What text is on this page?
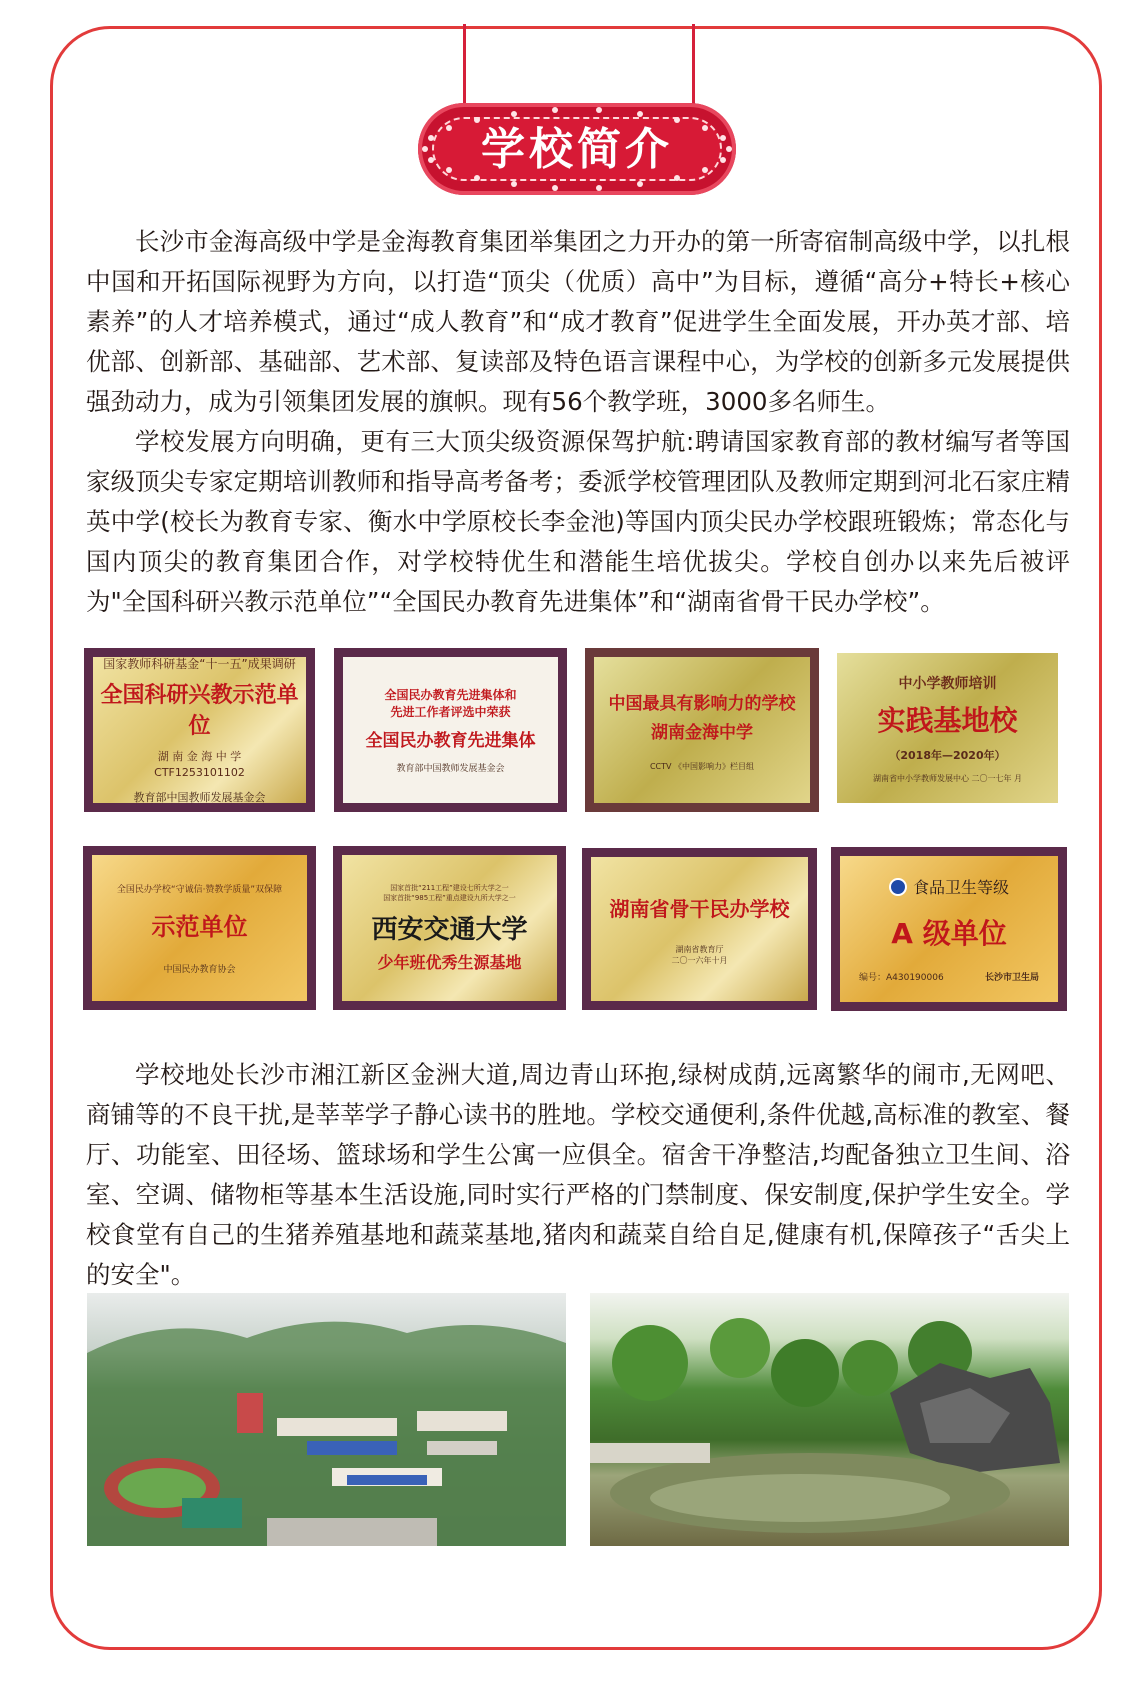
学校简介

长沙市金海高级中学是金海教育集团举集团之力开办的第一所寄宿制高级中学，以扎根中国和开拓国际视野为方向，以打造“顶尖（优质）高中”为目标，遵循“高分+特长+核心素养”的人才培养模式，通过“成人教育”和“成才教育”促进学生全面发展，开办英才部、培优部、创新部、基础部、艺术部、复读部及特色语言课程中心，为学校的创新多元发展提供强劲动力，成为引领集团发展的旗帜。现有56个教学班，3000多名师生。

学校发展方向明确，更有三大顶尖级资源保驾护航:聘请国家教育部的教材编写者等国家级顶尖专家定期培训教师和指导高考备考；委派学校管理团队及教师定期到河北石家庄精英中学(校长为教育专家、衡水中学原校长李金池)等国内顶尖民办学校跟班锻炼；常态化与国内顶尖的教育集团合作，对学校特优生和潜能生培优拔尖。学校自创办以来先后被评为"全国科研兴教示范单位”“全国民办教育先进集体”和“湖南省骨干民办学校”。

国家教师科研基金“十一五”成果调研
全国科研兴教示范单位
湖 南 金 海 中 学
CTF1253101102
教育部中国教师发展基金会
全国民办教育先进集体和
先进工作者评选中荣获
全国民办教育先进集体
教育部中国教师发展基金会
中国最具有影响力的学校
湖南金海中学
CCTV 《中国影响力》栏目组
中小学教师培训
实践基地校
（2018年—2020年）
湖南省中小学教师发展中心 二〇一七年 月
全国民办学校“守诚信·赞教学质量”双保障
示范单位
中国民办教育协会
国家首批“211工程”建设七所大学之一
国家首批“985工程”重点建设九所大学之一
西安交通大学
少年班优秀生源基地
湖南省骨干民办学校
湖南省教育厅
二〇一六年十月
食品卫生等级
A 级单位
编号：A430190006	长沙市卫生局

学校地处长沙市湘江新区金洲大道,周边青山环抱,绿树成荫,远离繁华的闹市,无网吧、商铺等的不良干扰,是莘莘学子静心读书的胜地。学校交通便利,条件优越,高标准的教室、餐厅、功能室、田径场、篮球场和学生公寓一应俱全。宿舍干净整洁,均配备独立卫生间、浴室、空调、储物柜等基本生活设施,同时实行严格的门禁制度、保安制度,保护学生安全。学校食堂有自己的生猪养殖基地和蔬菜基地,猪肉和蔬菜自给自足,健康有机,保障孩子“舌尖上的安全"。
